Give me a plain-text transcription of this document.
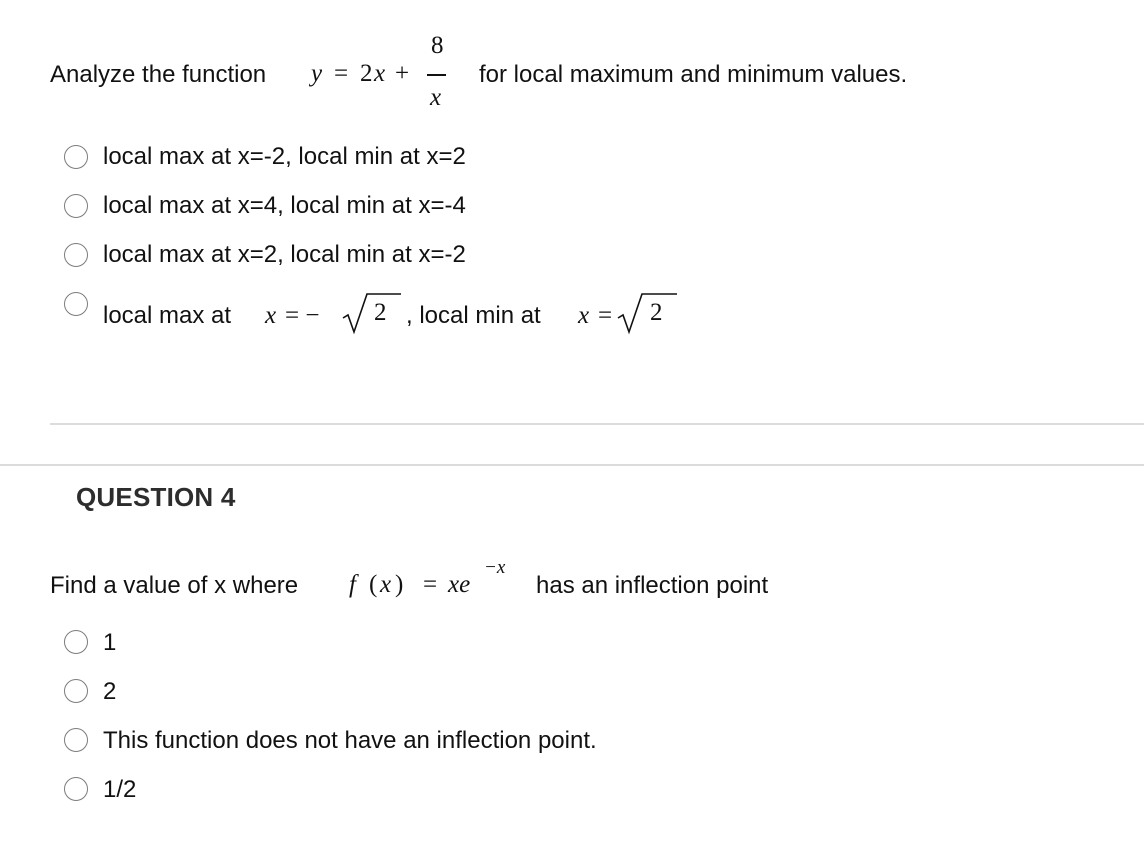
Analyze the function y = 2 x +
8
x
for local maximum and minimum values.
local max at x=-2, local min at x=2
local max at x=4, local min at x=-4
local max at x=2, local min at x=-2
local max at x = − 2 , local min at x = 2
QUESTION 4
Find a value of x where f ( x ) = xe
−x
has an inflection point
1
2
This function does not have an inflection point.
1/2
